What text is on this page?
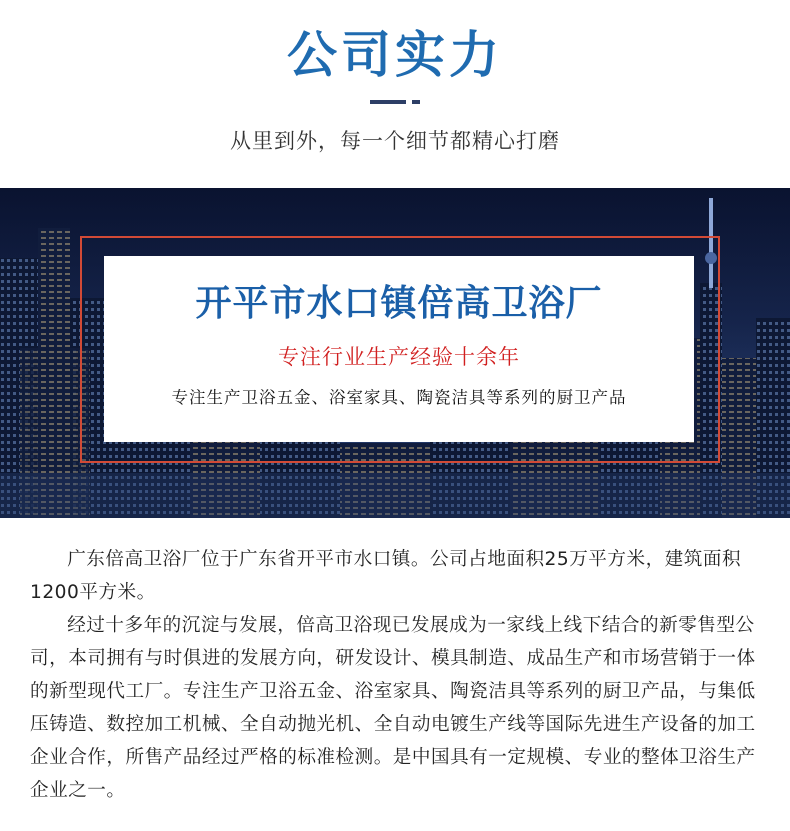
公司实力
从里到外，每一个细节都精心打磨
开平市水口镇倍高卫浴厂
专注行业生产经验十余年
专注生产卫浴五金、浴室家具、陶瓷洁具等系列的厨卫产品

广东倍高卫浴厂位于广东省开平市水口镇。公司占地面积25万平方米，建筑面积1200平方米。

经过十多年的沉淀与发展，倍高卫浴现已发展成为一家线上线下结合的新零售型公司，本司拥有与时俱进的发展方向，研发设计、模具制造、成品生产和市场营销于一体的新型现代工厂。专注生产卫浴五金、浴室家具、陶瓷洁具等系列的厨卫产品，与集低压铸造、数控加工机械、全自动抛光机、全自动电镀生产线等国际先进生产设备的加工企业合作，所售产品经过严格的标准检测。是中国具有一定规模、专业的整体卫浴生产企业之一。
